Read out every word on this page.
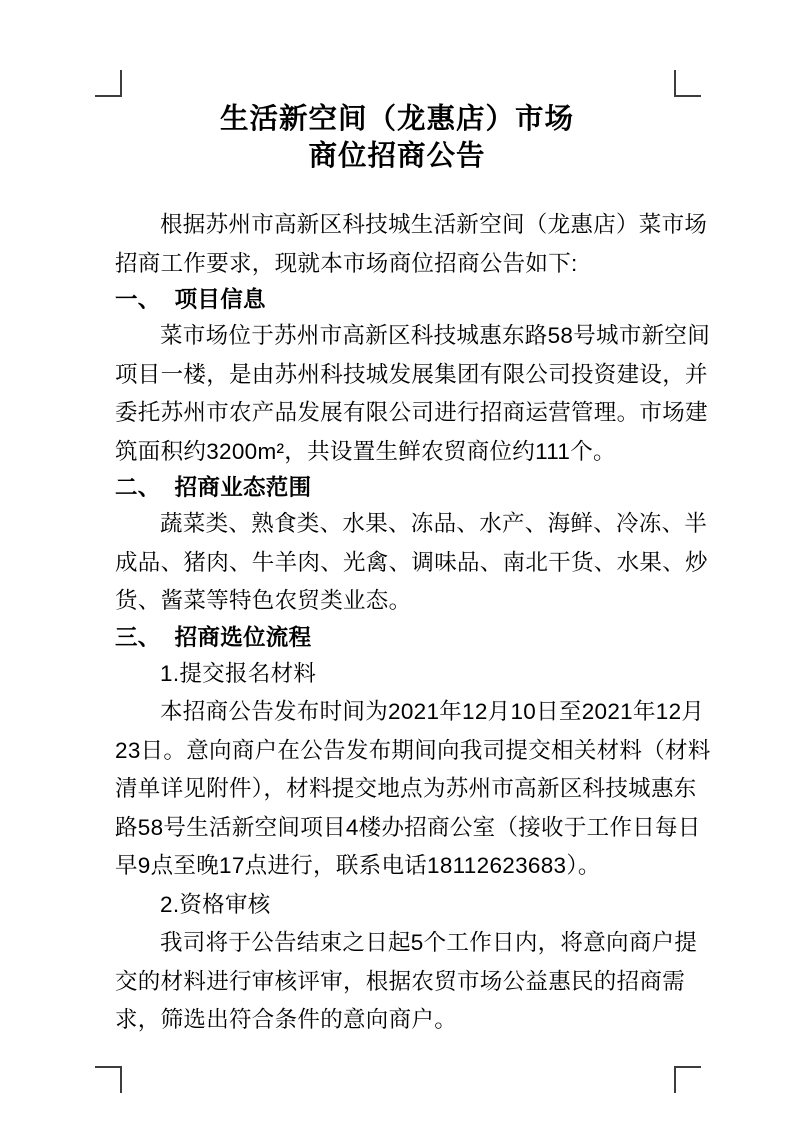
生活新空间（龙惠店）市场
商位招商公告
根据苏州市高新区科技城生活新空间（龙惠店）菜市场
招商工作要求，现就本市场商位招商公告如下:
一、 项目信息
菜市场位于苏州市高新区科技城惠东路58号城市新空间
项目一楼，是由苏州科技城发展集团有限公司投资建设，并
委托苏州市农产品发展有限公司进行招商运营管理。市场建
筑面积约3200m²，共设置生鲜农贸商位约111个。
二、 招商业态范围
蔬菜类、熟食类、水果、冻品、水产、海鲜、冷冻、半
成品、猪肉、牛羊肉、光禽、调味品、南北干货、水果、炒
货、酱菜等特色农贸类业态。
三、 招商选位流程
1.提交报名材料
本招商公告发布时间为2021年12月10日至2021年12月
23日。意向商户在公告发布期间向我司提交相关材料（材料
清单详见附件），材料提交地点为苏州市高新区科技城惠东
路58号生活新空间项目4楼办招商公室（接收于工作日每日
早9点至晚17点进行，联系电话18112623683）。
2.资格审核
我司将于公告结束之日起5个工作日内，将意向商户提
交的材料进行审核评审，根据农贸市场公益惠民的招商需
求，筛选出符合条件的意向商户。
